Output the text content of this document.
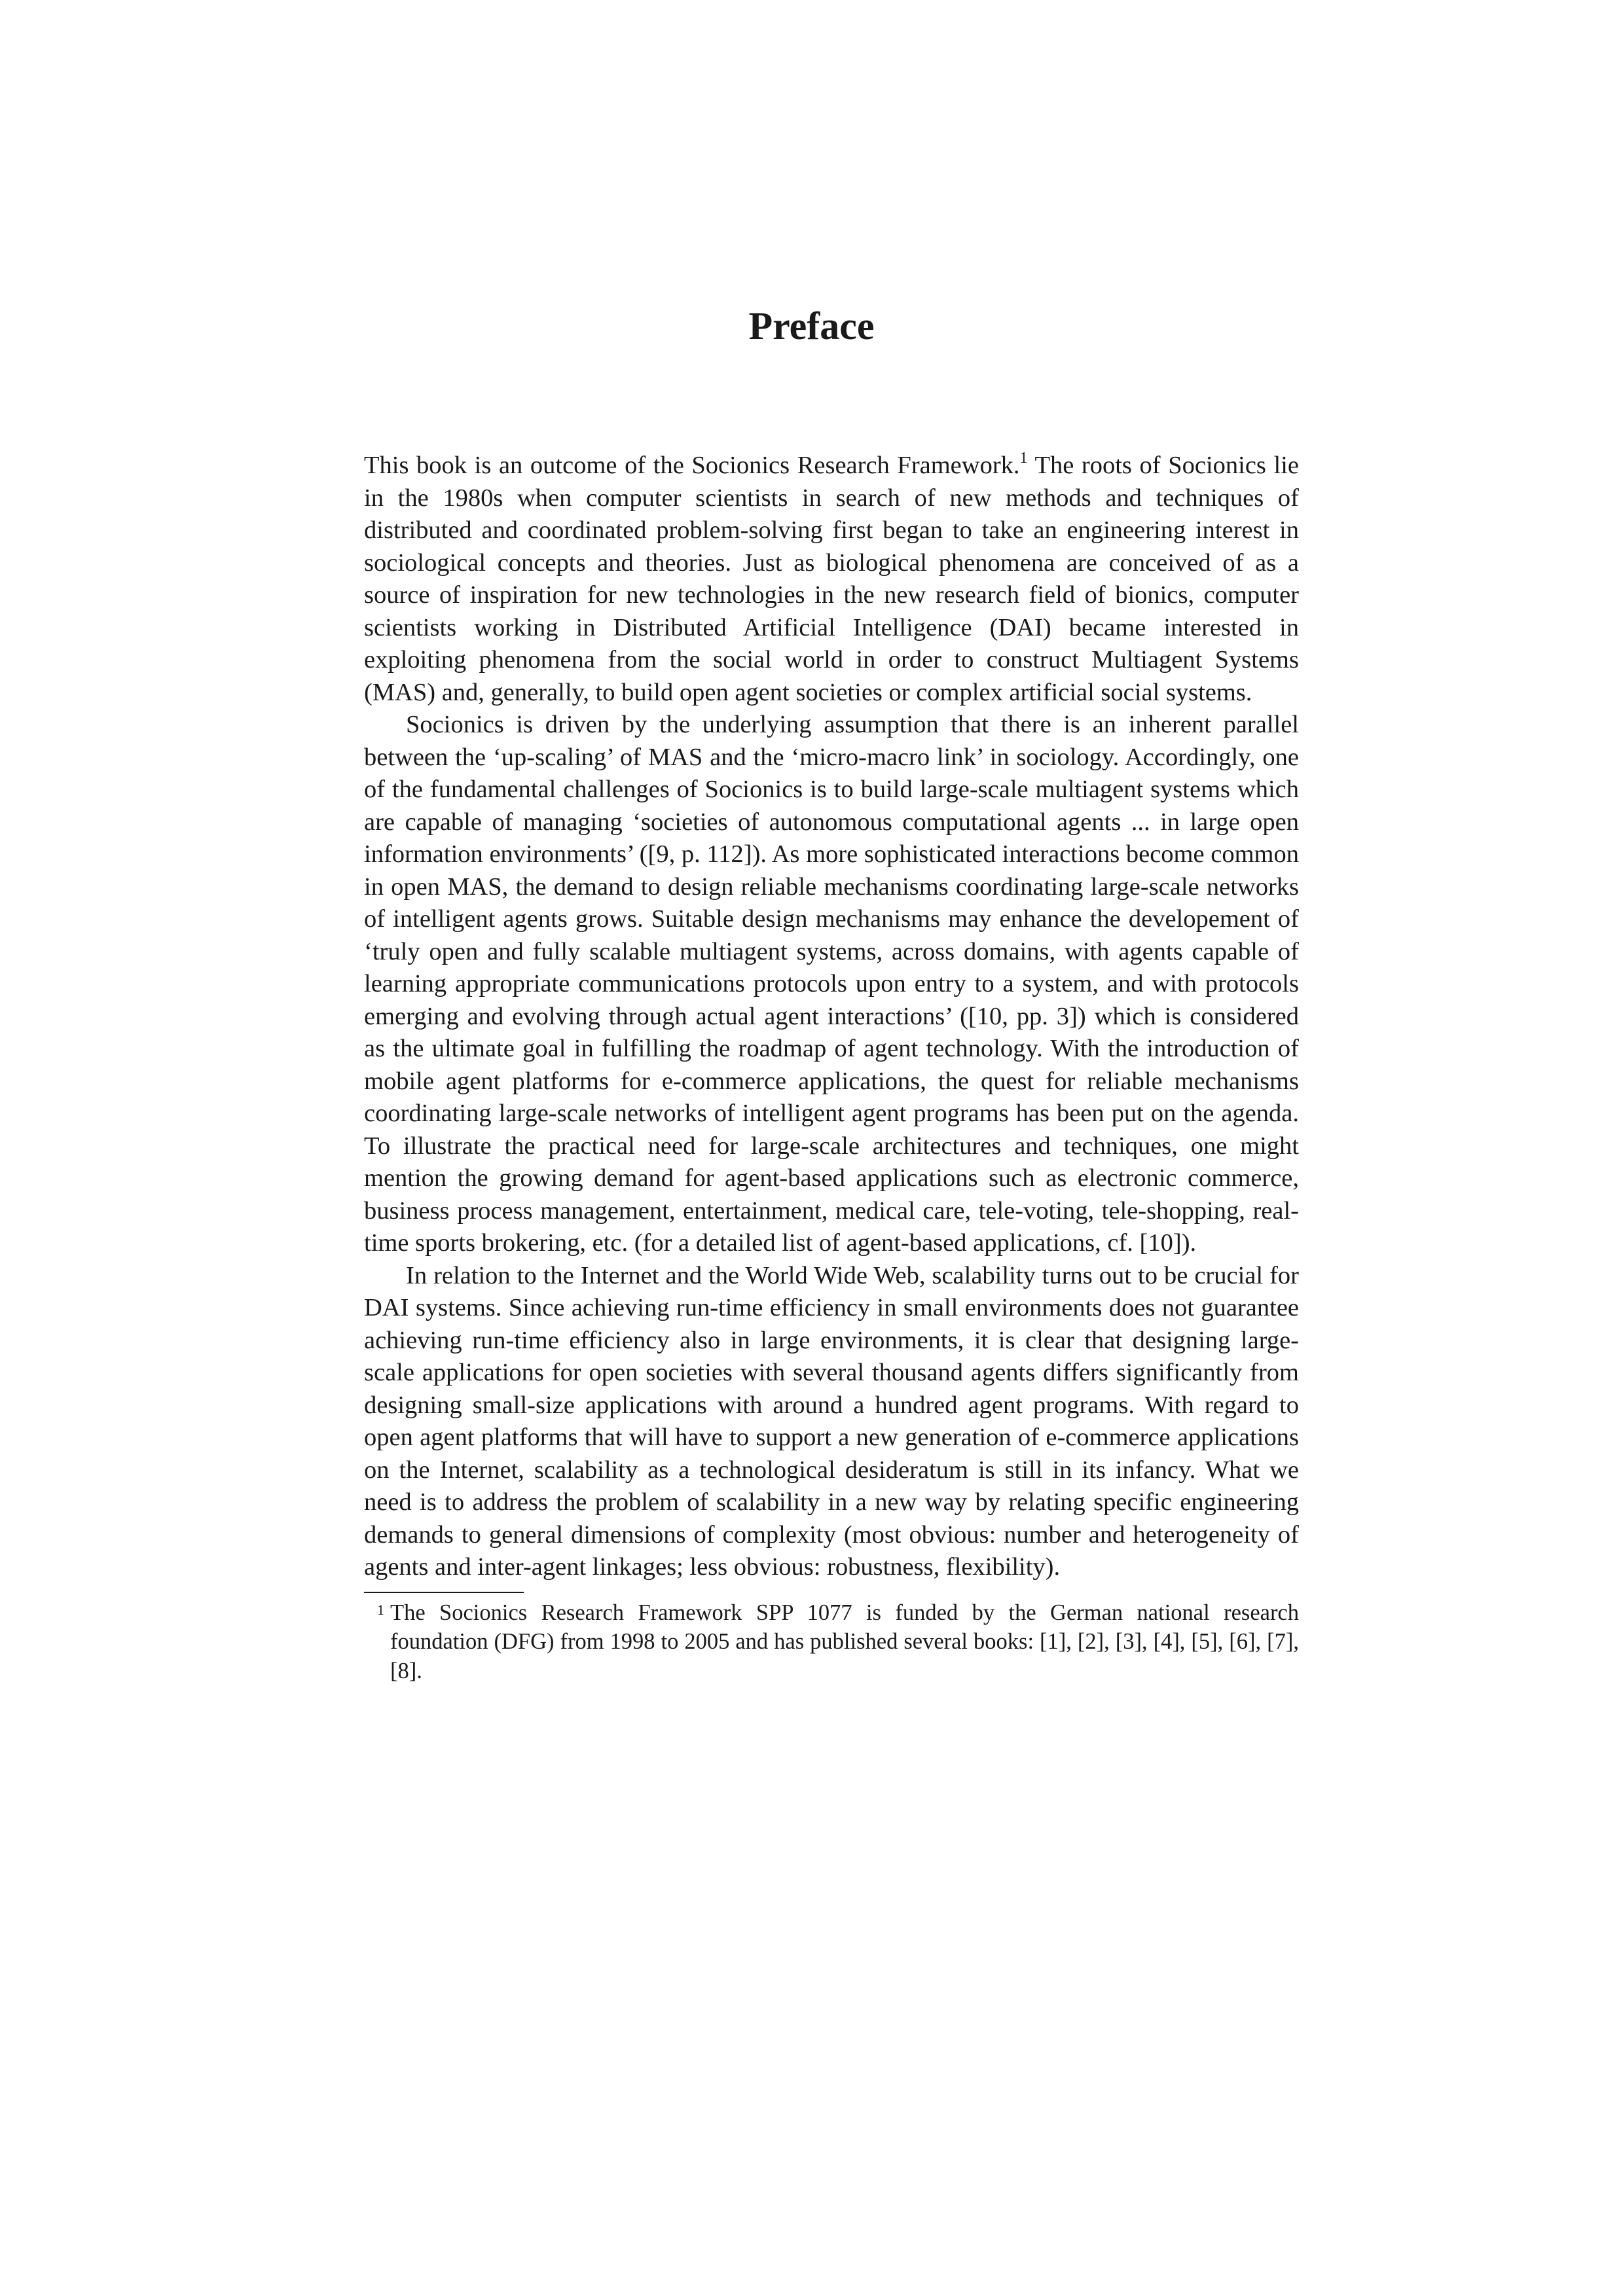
Preface

This book is an outcome of the Socionics Research Framework.$^1$ The roots of Socionics lie in the 1980s when computer scientists in search of new methods and techniques of distributed and coordinated problem-solving first began to take an engineering interest in sociological concepts and theories. Just as biological phenomena are conceived of as a source of inspiration for new technologies in the new research field of bionics, computer scientists working in Distributed Artificial Intelligence (DAI) became interested in exploiting phenomena from the social world in order to construct Multiagent Systems (MAS) and, generally, to build open agent societies or complex artificial social systems.

Socionics is driven by the underlying assumption that there is an inherent parallel between the ‘up-scaling’ of MAS and the ‘micro-macro link’ in sociology. Accordingly, one of the fundamental challenges of Socionics is to build large-scale multiagent systems which are capable of managing ‘societies of autonomous computational agents ... in large open information environments’ ([9, p. 112]). As more sophisticated interactions become common in open MAS, the demand to design reliable mechanisms coordinating large-scale networks of intelligent agents grows. Suitable design mechanisms may enhance the developement of ‘truly open and fully scalable multiagent systems, across domains, with agents capable of learning appropriate communications protocols upon entry to a system, and with protocols emerging and evolving through actual agent interactions’ ([10, pp. 3]) which is considered as the ultimate goal in fulfilling the roadmap of agent technology. With the introduction of mobile agent platforms for e-commerce applications, the quest for reliable mechanisms coordinating large-scale networks of intelligent agent programs has been put on the agenda. To illustrate the practical need for large-scale architectures and techniques, one might mention the growing demand for agent-based applications such as electronic commerce, business process management, entertainment, medical care, tele-voting, tele-shopping, real-time sports brokering, etc. (for a detailed list of agent-based applications, cf. [10]).

In relation to the Internet and the World Wide Web, scalability turns out to be crucial for DAI systems. Since achieving run-time efficiency in small environments does not guarantee achieving run-time efficiency also in large environments, it is clear that designing large-scale applications for open societies with several thousand agents differs significantly from designing small-size applications with around a hundred agent programs. With regard to open agent platforms that will have to support a new generation of e-commerce applications on the Internet, scalability as a technological desideratum is still in its infancy. What we need is to address the problem of scalability in a new way by relating specific engineering demands to general dimensions of complexity (most obvious: number and heterogeneity of agents and inter-agent linkages; less obvious: robustness, flexibility).

1 The Socionics Research Framework SPP 1077 is funded by the German national research foundation (DFG) from 1998 to 2005 and has published several books: [1], [2], [3], [4], [5], [6], [7], [8].
